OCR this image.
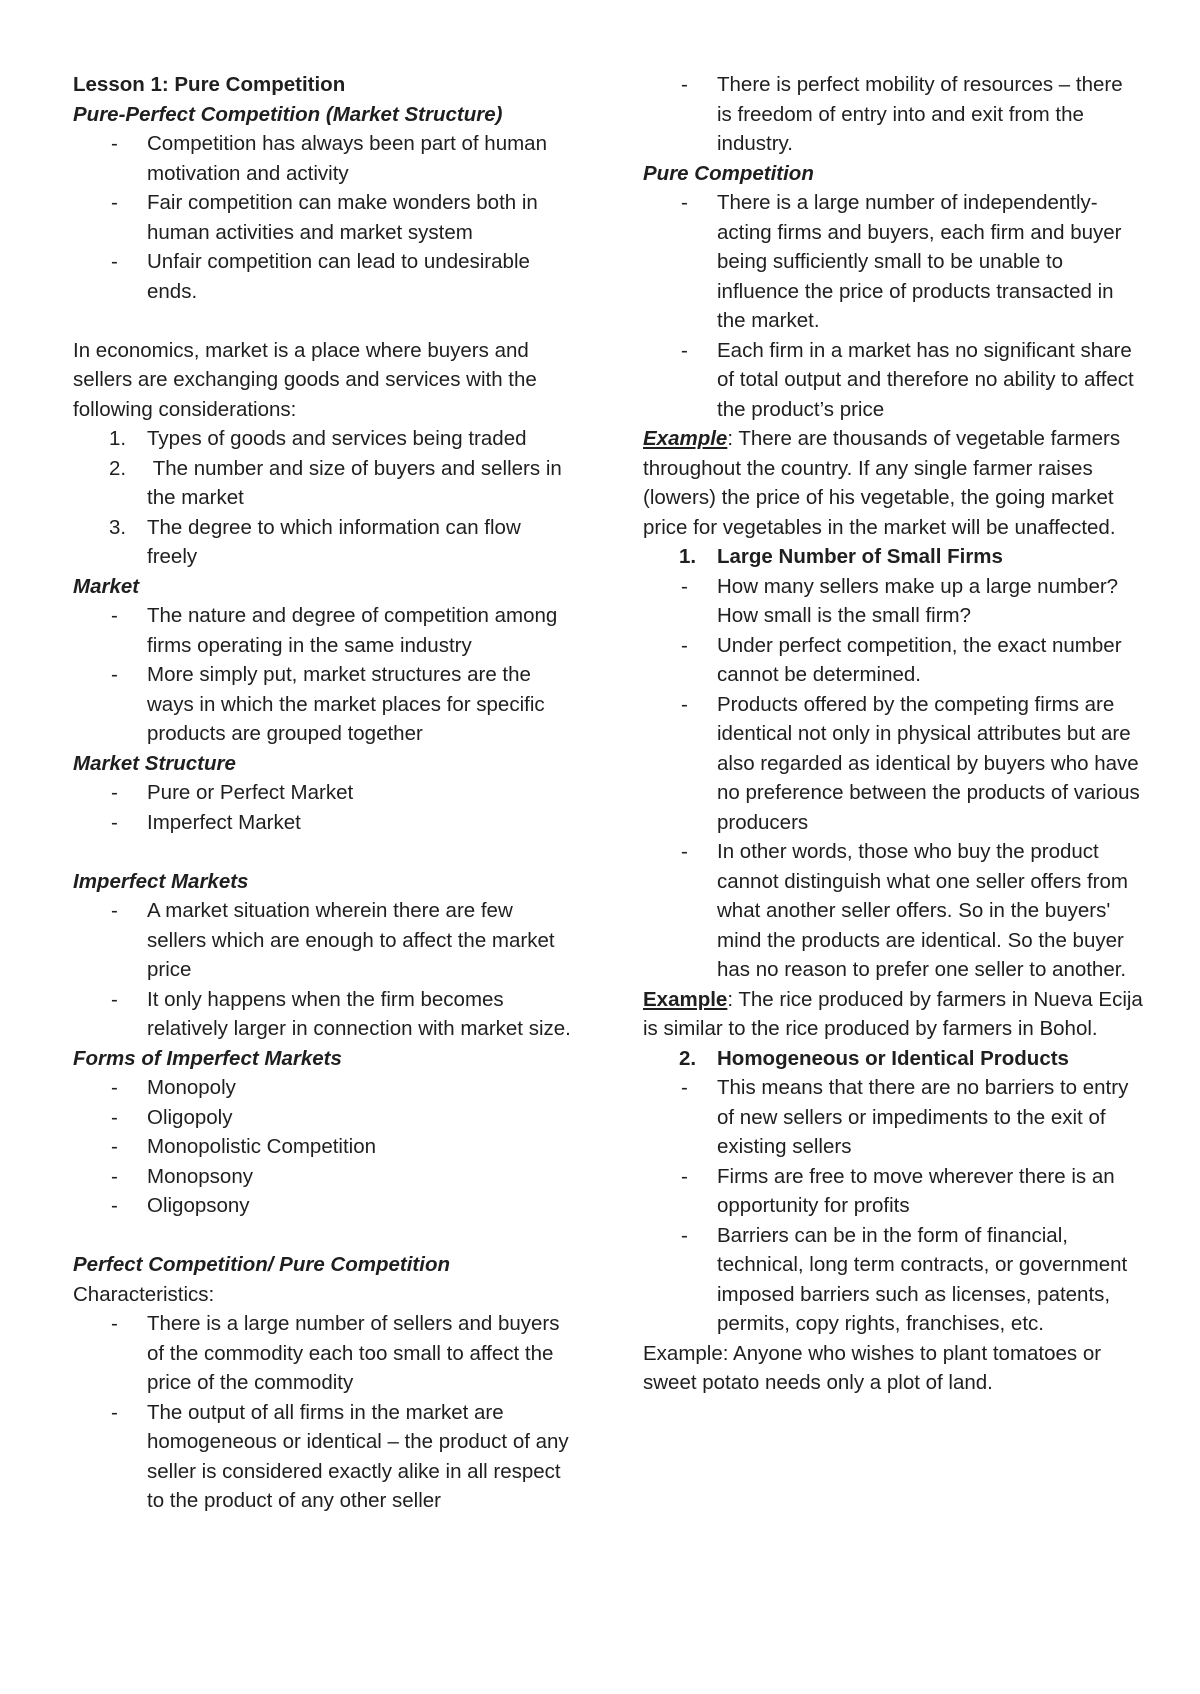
Lesson 1: Pure Competition
Pure-Perfect Competition (Market Structure)
-	Competition has always been part of human motivation and activity
-	Fair competition can make wonders both in human activities and market system
-	Unfair competition can lead to undesirable ends.
In economics, market is a place where buyers and sellers are exchanging goods and services with the following considerations:
1.	Types of goods and services being traded
2.	The number and size of buyers and sellers in the market
3.	The degree to which information can flow freely
Market
-	The nature and degree of competition among firms operating in the same industry
-	More simply put, market structures are the ways in which the market places for specific products are grouped together
Market Structure
-	Pure or Perfect Market
-	Imperfect Market
Imperfect Markets
-	A market situation wherein there are few sellers which are enough to affect the market price
-	It only happens when the firm becomes relatively larger in connection with market size.
Forms of Imperfect Markets
-	Monopoly
-	Oligopoly
-	Monopolistic Competition
-	Monopsony
-	Oligopsony
Perfect Competition/ Pure Competition
Characteristics:
-	There is a large number of sellers and buyers of the commodity each too small to affect the price of the commodity
-	The output of all firms in the market are homogeneous or identical – the product of any seller is considered exactly alike in all respect to the product of any other seller
-	There is perfect mobility of resources – there is freedom of entry into and exit from the industry.
Pure Competition
-	There is a large number of independently-acting firms and buyers, each firm and buyer being sufficiently small to be unable to influence the price of products transacted in the market.
-	Each firm in a market has no significant share of total output and therefore no ability to affect the product’s price
Example: There are thousands of vegetable farmers throughout the country. If any single farmer raises (lowers) the price of his vegetable, the going market price for vegetables in the market will be unaffected.
1.	Large Number of Small Firms
-	How many sellers make up a large number? How small is the small firm?
-	Under perfect competition, the exact number cannot be determined.
-	Products offered by the competing firms are identical not only in physical attributes but are also regarded as identical by buyers who have no preference between the products of various producers
-	In other words, those who buy the product cannot distinguish what one seller offers from what another seller offers. So in the buyers' mind the products are identical. So the buyer has no reason to prefer one seller to another.
Example: The rice produced by farmers in Nueva Ecija is similar to the rice produced by farmers in Bohol.
2.	Homogeneous or Identical Products
-	This means that there are no barriers to entry of new sellers or impediments to the exit of existing sellers
-	Firms are free to move wherever there is an opportunity for profits
-	Barriers can be in the form of financial, technical, long term contracts, or government imposed barriers such as licenses, patents, permits, copy rights, franchises, etc.
Example: Anyone who wishes to plant tomatoes or sweet potato needs only a plot of land.
